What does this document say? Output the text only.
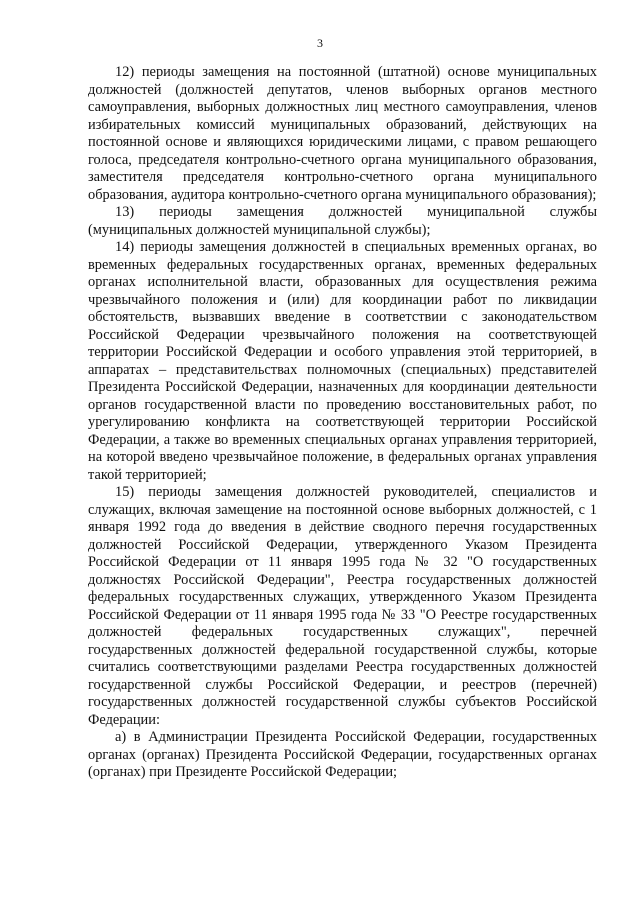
3

12) периоды замещения на постоянной (штатной) основе муниципальных должностей (должностей депутатов, членов выборных органов местного самоуправления, выборных должностных лиц местного самоуправления, членов избирательных комиссий муниципальных образований, действующих на постоянной основе и являющихся юридическими лицами, с правом решающего голоса, председателя контрольно-счетного органа муниципального образования, заместителя председателя контрольно-счетного органа муниципального образования, аудитора контрольно-счетного органа муниципального образования);

13) периоды замещения должностей муниципальной службы (муниципальных должностей муниципальной службы);

14) периоды замещения должностей в специальных временных органах, во временных федеральных государственных органах, временных федеральных органах исполнительной власти, образованных для осуществления режима чрезвычайного положения и (или) для координации работ по ликвидации обстоятельств, вызвавших введение в соответствии с законодательством Российской Федерации чрезвычайного положения на соответствующей территории Российской Федерации и особого управления этой территорией, в аппаратах – представительствах полномочных (специальных) представителей Президента Российской Федерации, назначенных для координации деятельности органов государственной власти по проведению восстановительных работ, по урегулированию конфликта на соответствующей территории Российской Федерации, а также во временных специальных органах управления территорией, на которой введено чрезвычайное положение, в федеральных органах управления такой территорией;

15) периоды замещения должностей руководителей, специалистов и служащих, включая замещение на постоянной основе выборных должностей, с 1 января 1992 года до введения в действие сводного перечня государственных должностей Российской Федерации, утвержденного Указом Президента Российской Федерации от 11 января 1995 года № 32 "О государственных должностях Российской Федерации", Реестра государственных должностей федеральных государственных служащих, утвержденного Указом Президента Российской Федерации от 11 января 1995 года № 33 "О Реестре государственных должностей федеральных государственных служащих", перечней государственных должностей федеральной государственной службы, которые считались соответствующими разделами Реестра государственных должностей государственной службы Российской Федерации, и реестров (перечней) государственных должностей государственной службы субъектов Российской Федерации:

а) в Администрации Президента Российской Федерации, государственных органах (органах) Президента Российской Федерации, государственных органах (органах) при Президенте Российской Федерации;
